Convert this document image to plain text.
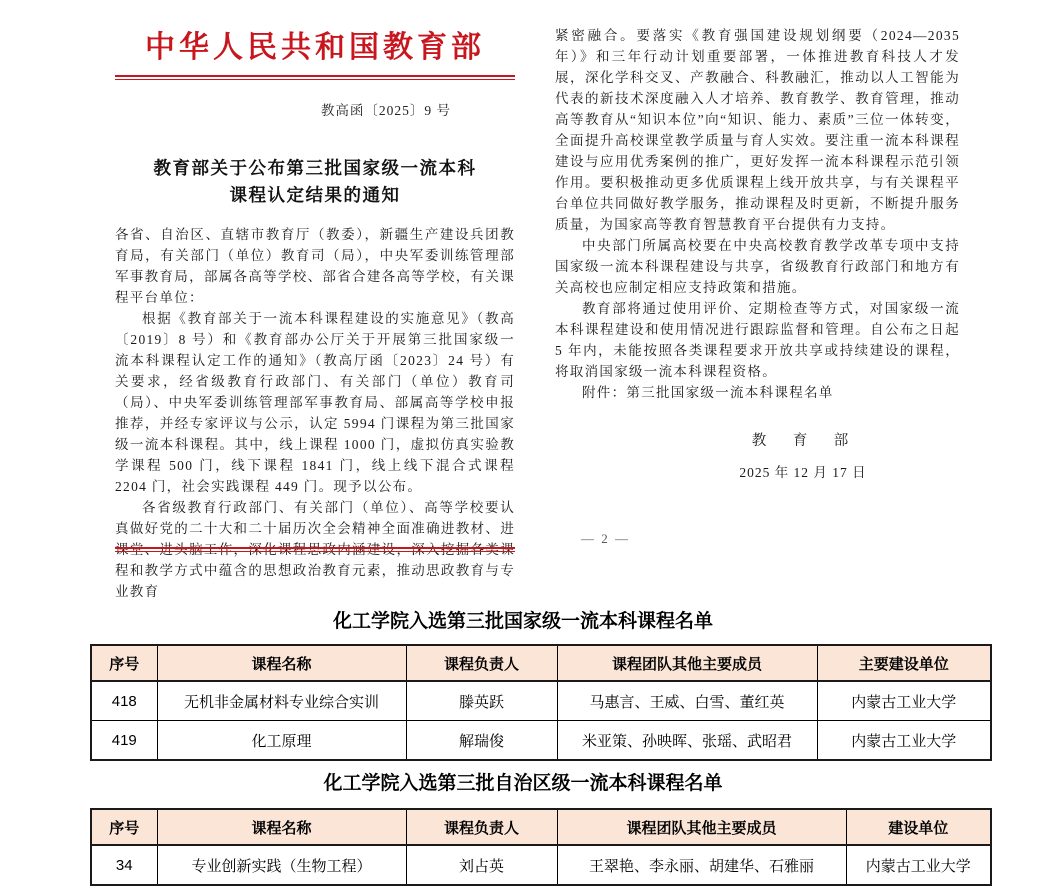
中华人民共和国教育部
教高函〔2025〕9 号
教育部关于公布第三批国家级一流本科
课程认定结果的通知

各省、自治区、直辖市教育厅（教委），新疆生产建设兵团教育局，有关部门（单位）教育司（局），中央军委训练管理部军事教育局，部属各高等学校、部省合建各高等学校，有关课程平台单位：

根据《教育部关于一流本科课程建设的实施意见》（教高〔2019〕8 号）和《教育部办公厅关于开展第三批国家级一流本科课程认定工作的通知》（教高厅函〔2023〕24 号）有关要求，经省级教育行政部门、有关部门（单位）教育司（局）、中央军委训练管理部军事教育局、部属高等学校申报推荐，并经专家评议与公示，认定 5994 门课程为第三批国家级一流本科课程。其中，线上课程 1000 门，虚拟仿真实验教学课程 500 门，线下课程 1841 门，线上线下混合式课程 2204 门，社会实践课程 449 门。现予以公布。

各省级教育行政部门、有关部门（单位）、高等学校要认真做好党的二十大和二十届历次全会精神全面准确进教材、进课堂、进头脑工作，深化课程思政内涵建设，深入挖掘各类课程和教学方式中蕴含的思想政治教育元素，推动思政教育与专业教育

紧密融合。要落实《教育强国建设规划纲要（2024—2035 年）》和三年行动计划重要部署，一体推进教育科技人才发展，深化学科交叉、产教融合、科教融汇，推动以人工智能为代表的新技术深度融入人才培养、教育教学、教育管理，推动高等教育从“知识本位”向“知识、能力、素质”三位一体转变，全面提升高校课堂教学质量与育人实效。要注重一流本科课程建设与应用优秀案例的推广，更好发挥一流本科课程示范引领作用。要积极推动更多优质课程上线开放共享，与有关课程平台单位共同做好教学服务，推动课程及时更新，不断提升服务质量，为国家高等教育智慧教育平台提供有力支持。

中央部门所属高校要在中央高校教育教学改革专项中支持国家级一流本科课程建设与共享，省级教育行政部门和地方有关高校也应制定相应支持政策和措施。

教育部将通过使用评价、定期检查等方式，对国家级一流本科课程建设和使用情况进行跟踪监督和管理。自公布之日起 5 年内，未能按照各类课程要求开放共享或持续建设的课程，将取消国家级一流本科课程资格。

附件：第三批国家级一流本科课程名单

教　育　部
2025 年 12 月 17 日
— 2 —
化工学院入选第三批国家级一流本科课程名单
序号	课程名称	课程负责人	课程团队其他主要成员	主要建设单位
418	无机非金属材料专业综合实训	滕英跃	马惠言、王威、白雪、董红英	内蒙古工业大学
419	化工原理	解瑞俊	米亚策、孙映晖、张瑶、武昭君	内蒙古工业大学
化工学院入选第三批自治区级一流本科课程名单
序号	课程名称	课程负责人	课程团队其他主要成员	建设单位
34	专业创新实践（生物工程）	刘占英	王翠艳、李永丽、胡建华、石雅丽	内蒙古工业大学
